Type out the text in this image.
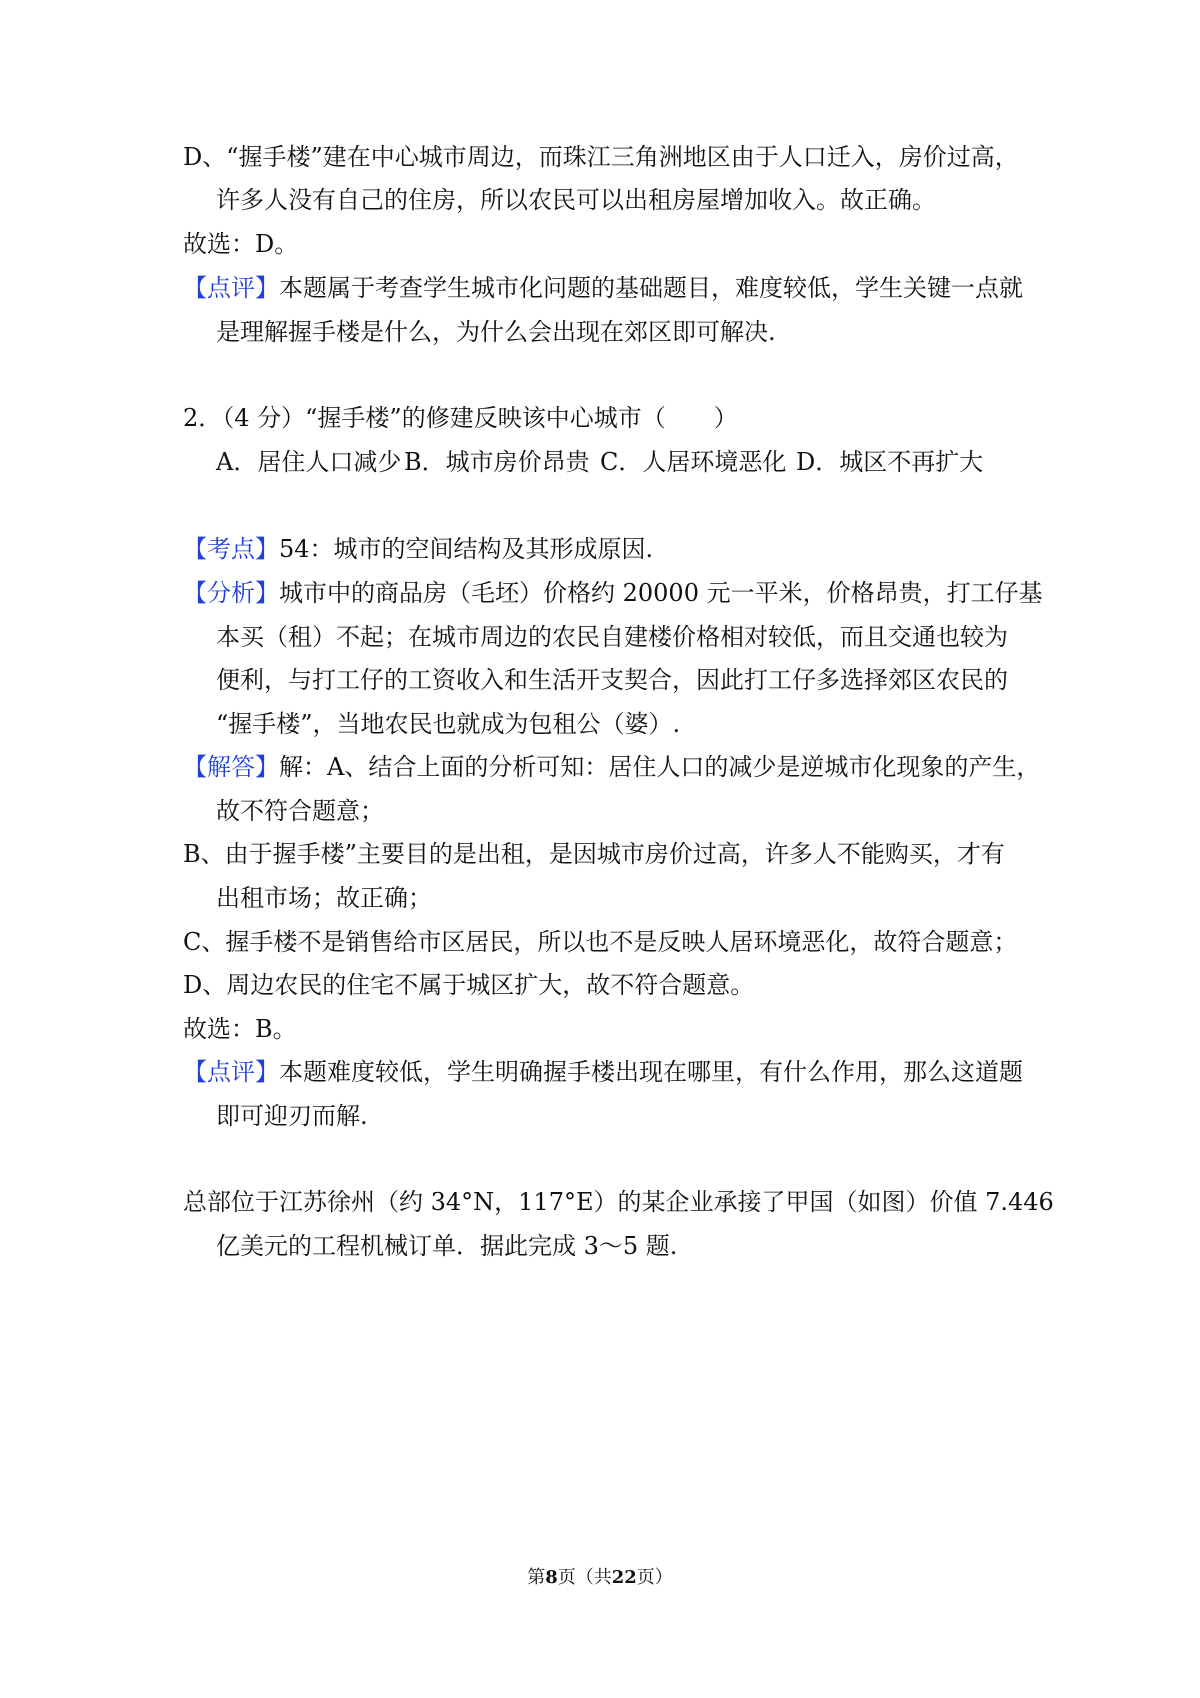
D、“握手楼”建在中心城市周边，而珠江三角洲地区由于人口迁入，房价过高，
许多人没有自己的住房，所以农民可以出租房屋增加收入。故正确。
故选：D。
【点评】本题属于考查学生城市化问题的基础题目，难度较低，学生关键一点就
是理解握手楼是什么，为什么会出现在郊区即可解决.
2．（4 分）“握手楼”的修建反映该中心城市（　　）
A．居住人口减少 B．城市房价昂贵 C．人居环境恶化 D．城区不再扩大
【考点】54：城市的空间结构及其形成原因.
【分析】城市中的商品房（毛坯）价格约 20000 元一平米，价格昂贵，打工仔基
本买（租）不起；在城市周边的农民自建楼价格相对较低，而且交通也较为
便利，与打工仔的工资收入和生活开支契合，因此打工仔多选择郊区农民的
“握手楼”，当地农民也就成为包租公（婆）.
【解答】解：A、结合上面的分析可知：居住人口的减少是逆城市化现象的产生，
故不符合题意；
B、由于握手楼”主要目的是出租，是因城市房价过高，许多人不能购买，才有
出租市场；故正确；
C、握手楼不是销售给市区居民，所以也不是反映人居环境恶化，故符合题意；
D、周边农民的住宅不属于城区扩大，故不符合题意。
故选：B。
【点评】本题难度较低，学生明确握手楼出现在哪里，有什么作用，那么这道题
即可迎刃而解.
总部位于江苏徐州（约 34°N，117°E）的某企业承接了甲国（如图）价值 7.446
亿美元的工程机械订单．据此完成 3～5 题.
第8页（共22页）
